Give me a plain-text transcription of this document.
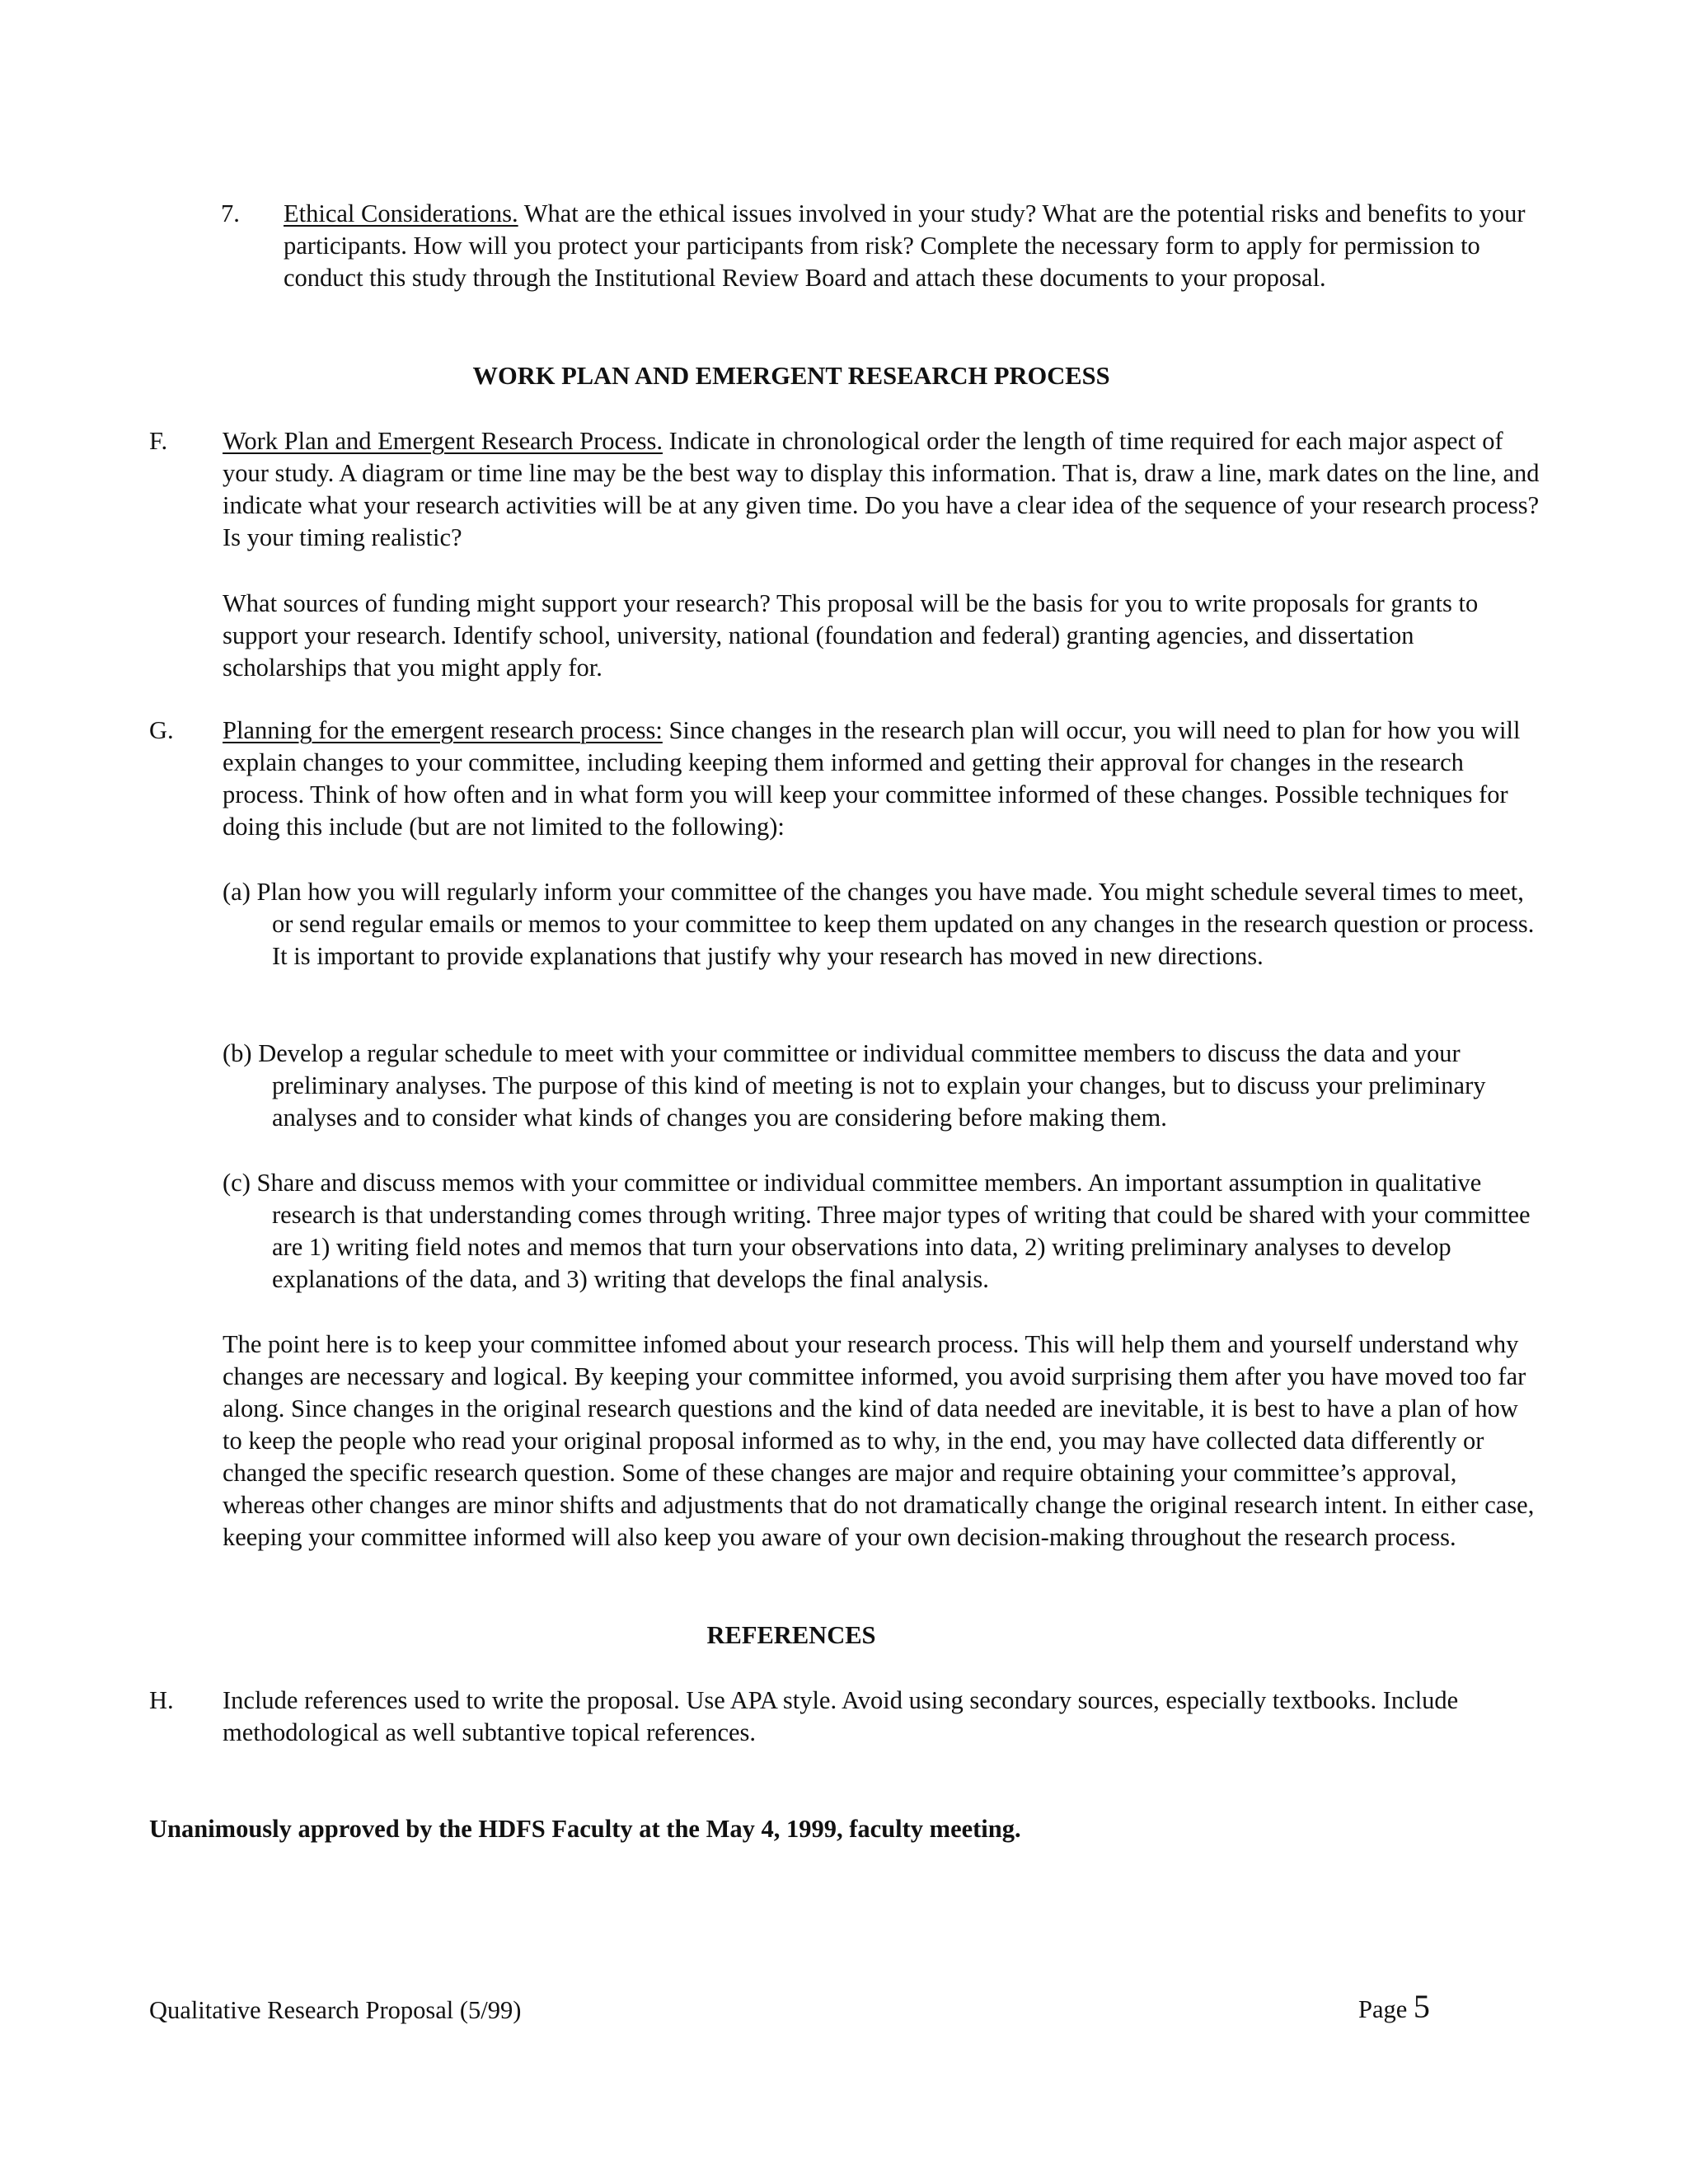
7.	Ethical Considerations. What are the ethical issues involved in your study? What are the potential risks and benefits to your participants. How will you protect your participants from risk? Complete the necessary form to apply for permission to conduct this study through the Institutional Review Board and attach these documents to your proposal.
WORK PLAN AND EMERGENT RESEARCH PROCESS
F.	Work Plan and Emergent Research Process. Indicate in chronological order the length of time required for each major aspect of your study. A diagram or time line may be the best way to display this information. That is, draw a line, mark dates on the line, and indicate what your research activities will be at any given time. Do you have a clear idea of the sequence of your research process? Is your timing realistic?
What sources of funding might support your research? This proposal will be the basis for you to write proposals for grants to support your research. Identify school, university, national (foundation and federal) granting agencies, and dissertation scholarships that you might apply for.
G.	Planning for the emergent research process: Since changes in the research plan will occur, you will need to plan for how you will explain changes to your committee, including keeping them informed and getting their approval for changes in the research process. Think of how often and in what form you will keep your committee informed of these changes. Possible techniques for doing this include (but are not limited to the following):
(a) Plan how you will regularly inform your committee of the changes you have made. You might schedule several times to meet, or send regular emails or memos to your committee to keep them updated on any changes in the research question or process. It is important to provide explanations that justify why your research has moved in new directions.
(b) Develop a regular schedule to meet with your committee or individual committee members to discuss the data and your preliminary analyses. The purpose of this kind of meeting is not to explain your changes, but to discuss your preliminary analyses and to consider what kinds of changes you are considering before making them.
(c) Share and discuss memos with your committee or individual committee members. An important assumption in qualitative research is that understanding comes through writing. Three major types of writing that could be shared with your committee are 1) writing field notes and memos that turn your observations into data, 2) writing preliminary analyses to develop explanations of the data, and 3) writing that develops the final analysis.
The point here is to keep your committee infomed about your research process. This will help them and yourself understand why changes are necessary and logical. By keeping your committee informed, you avoid surprising them after you have moved too far along. Since changes in the original research questions and the kind of data needed are inevitable, it is best to have a plan of how to keep the people who read your original proposal informed as to why, in the end, you may have collected data differently or changed the specific research question. Some of these changes are major and require obtaining your committee’s approval, whereas other changes are minor shifts and adjustments that do not dramatically change the original research intent. In either case, keeping your committee informed will also keep you aware of your own decision-making throughout the research process.
REFERENCES
H.	Include references used to write the proposal. Use APA style. Avoid using secondary sources, especially textbooks. Include methodological as well subtantive topical references.
Unanimously approved by the HDFS Faculty at the May 4, 1999, faculty meeting.
Qualitative Research Proposal (5/99)	Page 5
